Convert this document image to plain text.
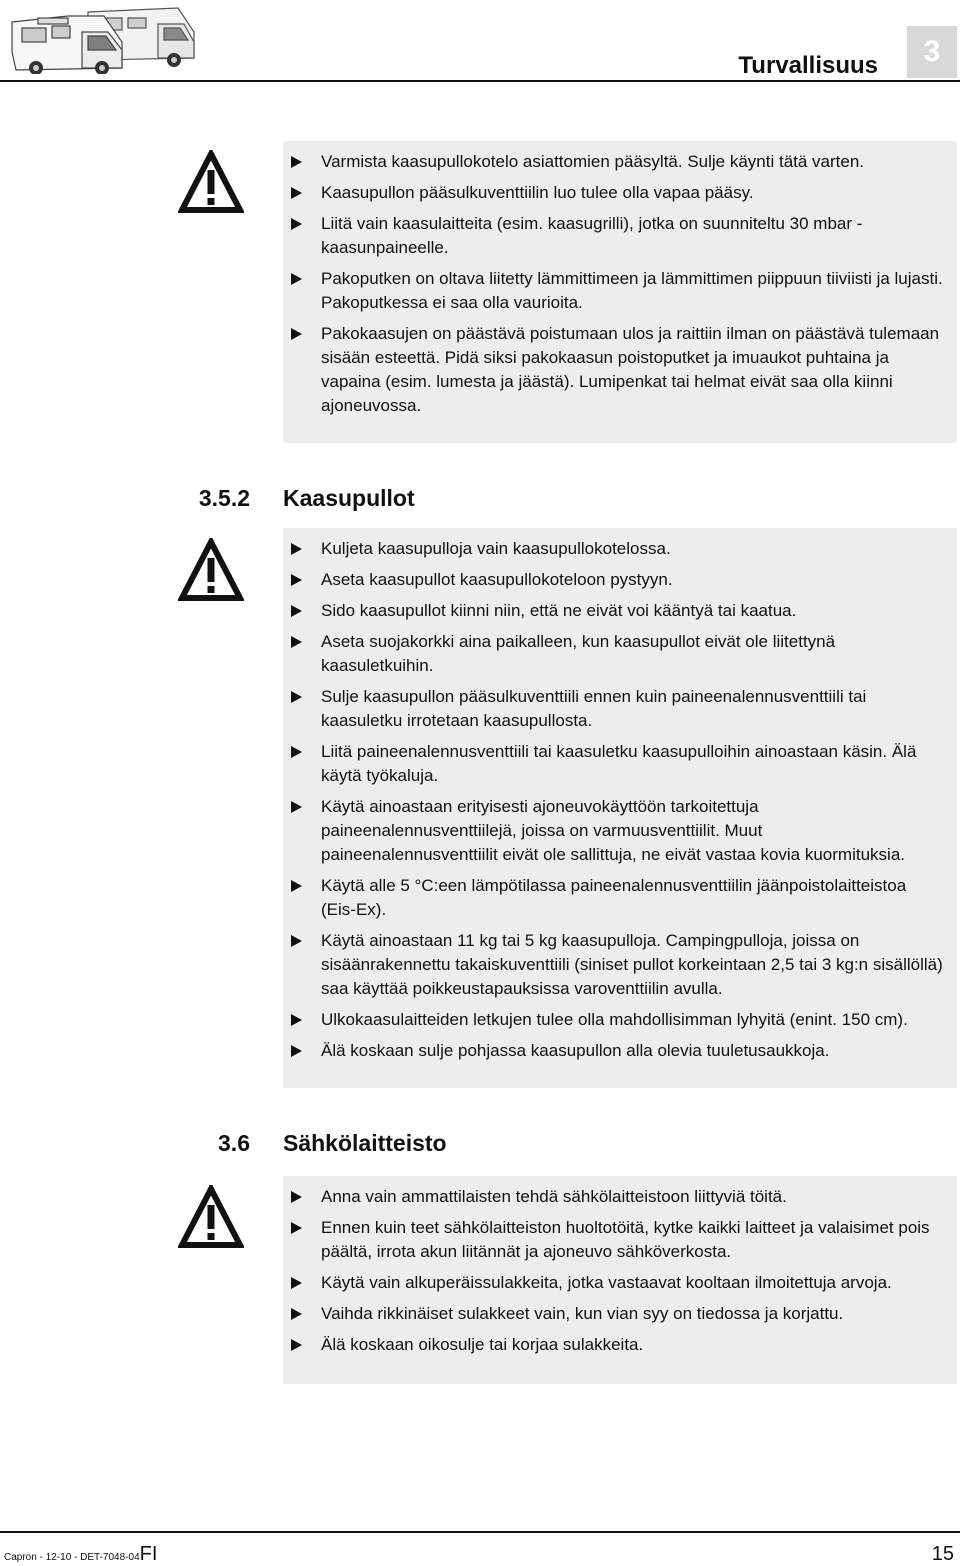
Turvallisuus	3
Varmista kaasupullokotelo asiattomien pääsyltä. Sulje käynti tätä varten.
Kaasupullon pääsulkuventtiilin luo tulee olla vapaa pääsy.
Liitä vain kaasulaitteita (esim. kaasugrilli), jotka on suunniteltu 30 mbar -kaasunpaineelle.
Pakoputken on oltava liitetty lämmittimeen ja lämmittimen piippuun tiiviisti ja lujasti. Pakoputkessa ei saa olla vaurioita.
Pakokaasujen on päästävä poistumaan ulos ja raittiin ilman on päästävä tulemaan sisään esteettä. Pidä siksi pakokaasun poistoputket ja imuaukot puhtaina ja vapaina (esim. lumesta ja jäästä). Lumipenkat tai helmat eivät saa olla kiinni ajoneuvossa.
3.5.2 Kaasupullot
Kuljeta kaasupulloja vain kaasupullokotelossa.
Aseta kaasupullot kaasupullokoteloon pystyyn.
Sido kaasupullot kiinni niin, että ne eivät voi kääntyä tai kaatua.
Aseta suojakorkki aina paikalleen, kun kaasupullot eivät ole liitettynä kaasuletkuihin.
Sulje kaasupullon pääsulkuventtiili ennen kuin paineenalennusventtiili tai kaasuletku irrotetaan kaasupullosta.
Liitä paineenalennusventtiili tai kaasuletku kaasupulloihin ainoastaan käsin. Älä käytä työkaluja.
Käytä ainoastaan erityisesti ajoneuvokäyttöön tarkoitettuja paineenalennusventtiilejä, joissa on varmuusventtiilit. Muut paineenalennusventtiilit eivät ole sallittuja, ne eivät vastaa kovia kuormituksia.
Käytä alle 5 °C:een lämpötilassa paineenalennusventtiilin jäänpoistolaitteistoa (Eis-Ex).
Käytä ainoastaan 11 kg tai 5 kg kaasupulloja. Campingpulloja, joissa on sisäänrakennettu takaiskuventtiili (siniset pullot korkeintaan 2,5 tai 3 kg:n sisällöllä) saa käyttää poikkeustapauksissa varoventtiilin avulla.
Ulkokaasulaitteiden letkujen tulee olla mahdollisimman lyhyitä (enint. 150 cm).
Älä koskaan sulje pohjassa kaasupullon alla olevia tuuletusaukkoja.
3.6 Sähkölaitteisto
Anna vain ammattilaisten tehdä sähkölaitteistoon liittyviä töitä.
Ennen kuin teet sähkölaitteiston huoltotöitä, kytke kaikki laitteet ja valaisimet pois päältä, irrota akun liitännät ja ajoneuvo sähköverkosta.
Käytä vain alkuperäissulakkeita, jotka vastaavat kooltaan ilmoitettuja arvoja.
Vaihda rikkinäiset sulakkeet vain, kun vian syy on tiedossa ja korjattu.
Älä koskaan oikosulje tai korjaa sulakkeita.
Capron - 12-10 - DET-7048-04FI	15
